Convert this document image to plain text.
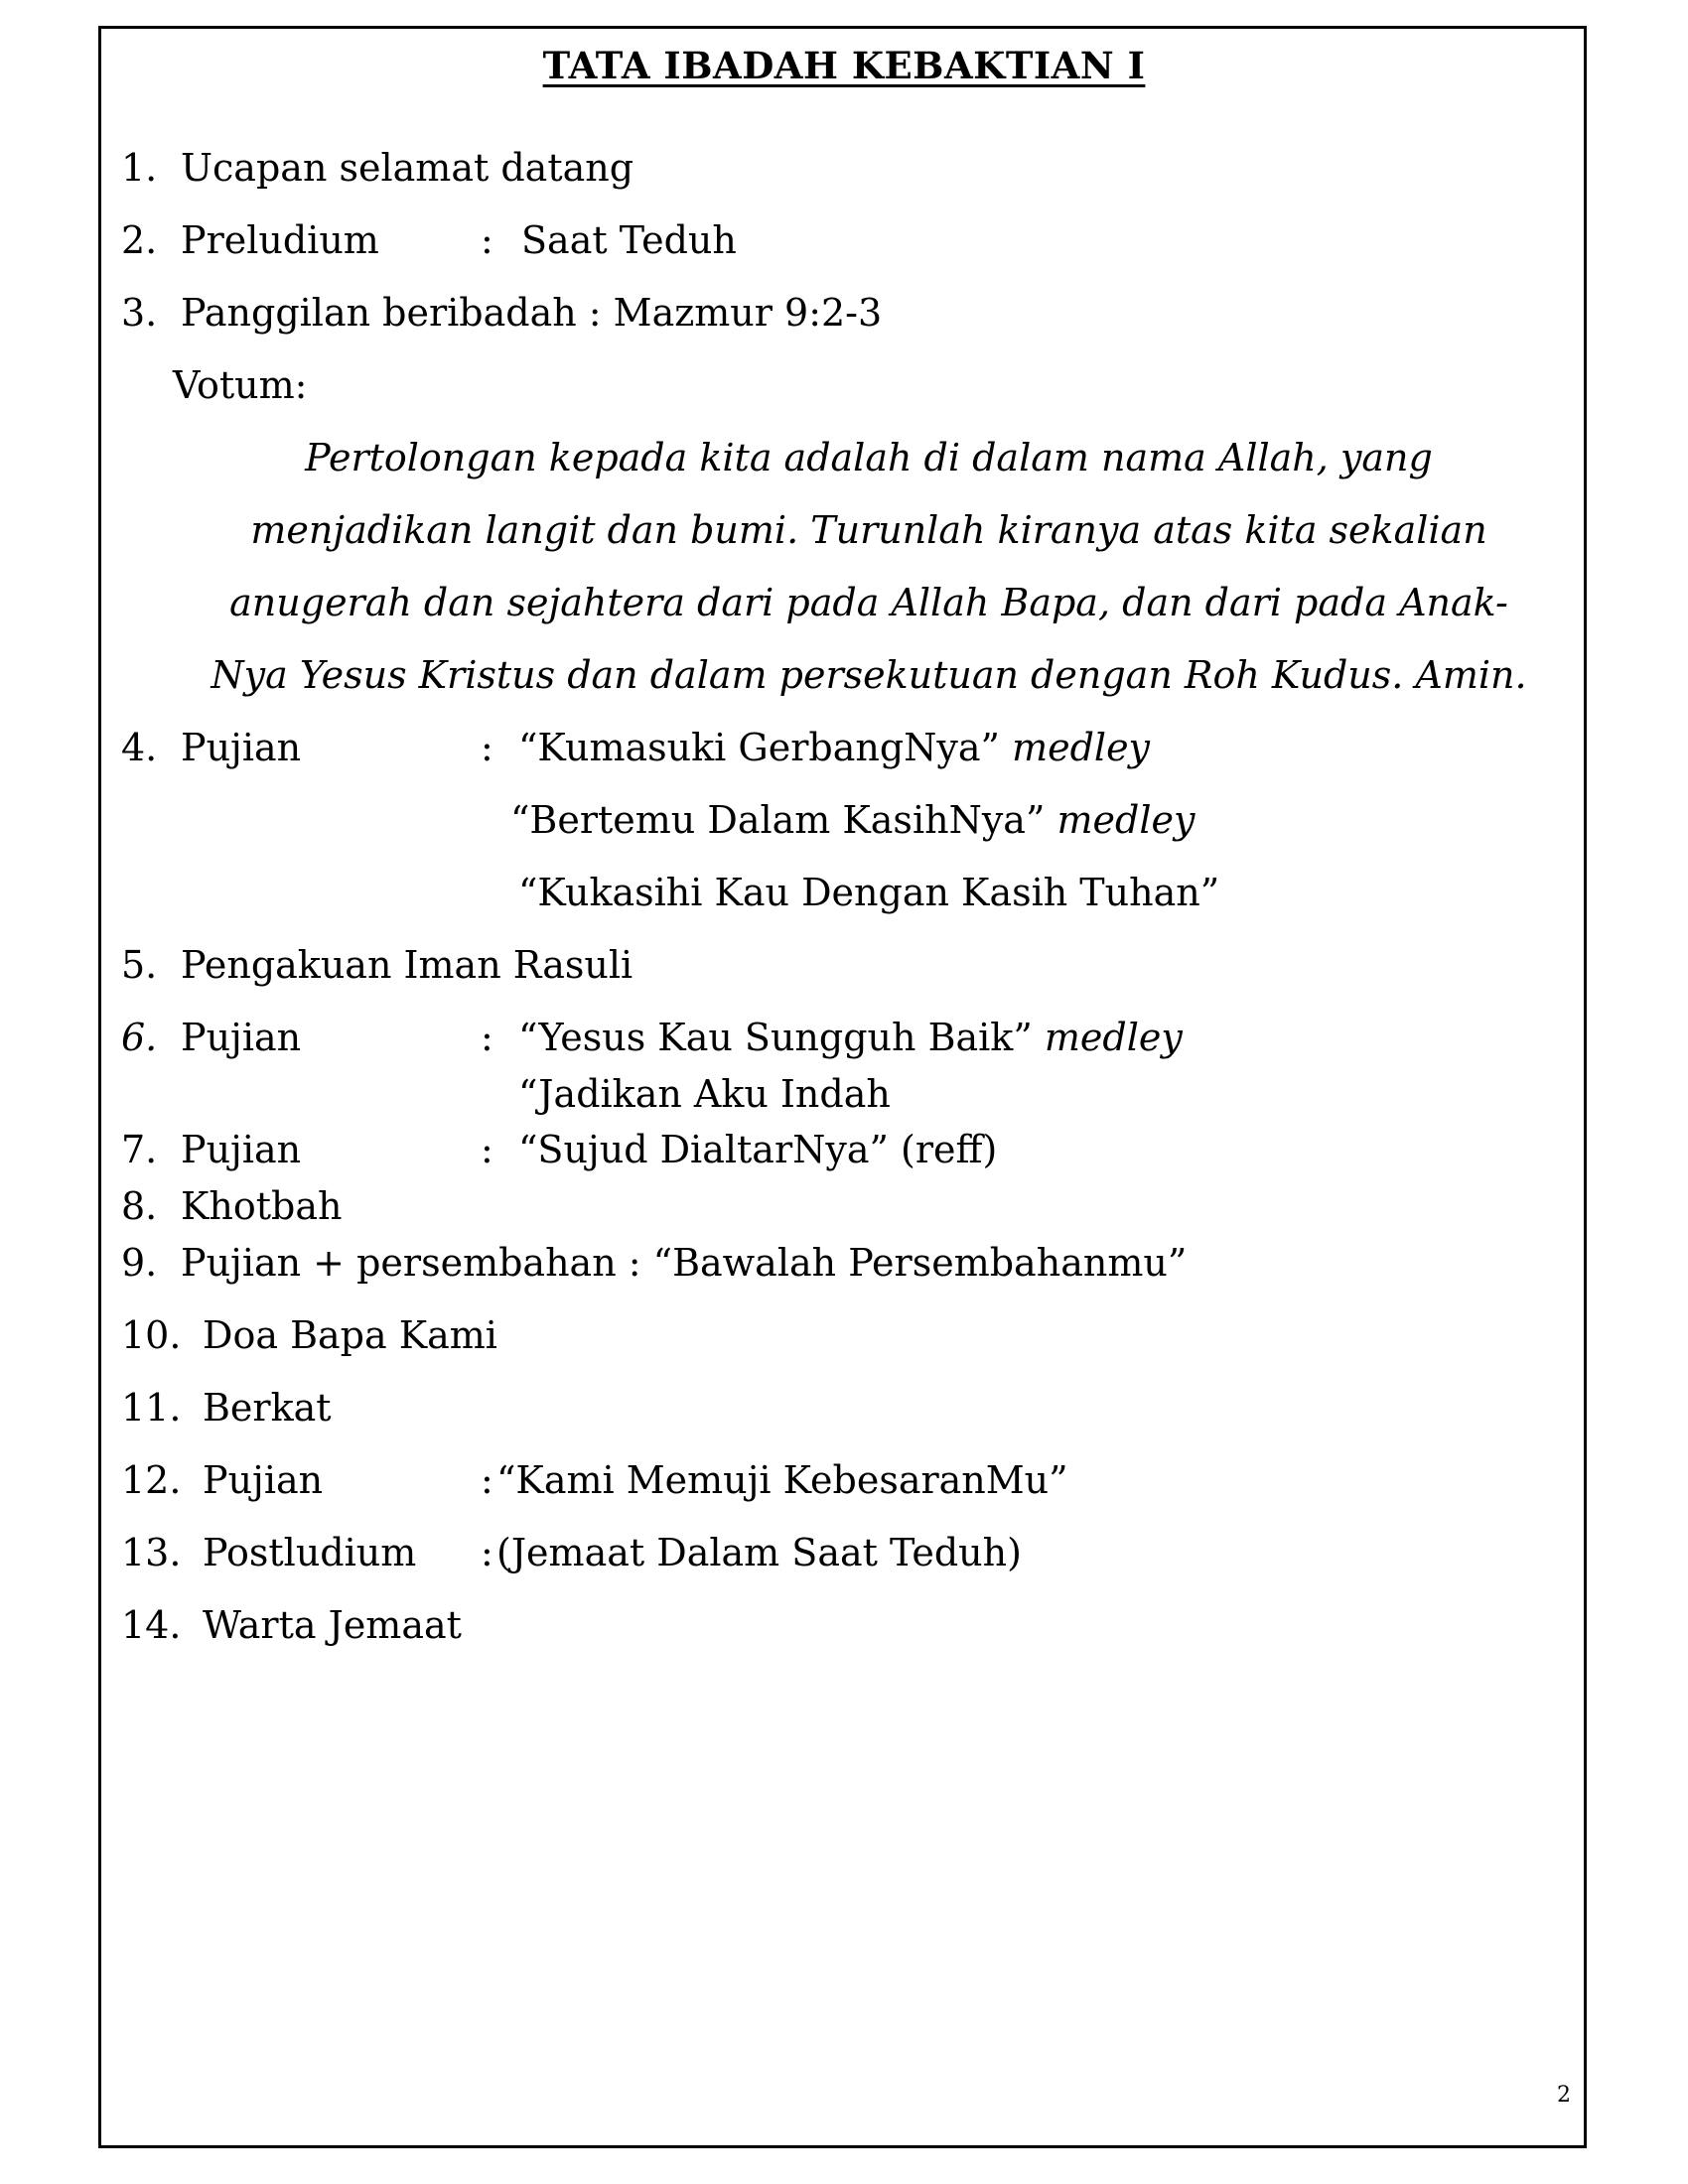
TATA IBADAH KEBAKTIAN I
1. Ucapan selamat datang
2. Preludium	: Saat Teduh
3. Panggilan beribadah : Mazmur 9:2-3
Votum:
Pertolongan kepada kita adalah di dalam nama Allah, yang
menjadikan langit dan bumi. Turunlah kiranya atas kita sekalian
anugerah dan sejahtera dari pada Allah Bapa, dan dari pada Anak-
Nya Yesus Kristus dan dalam persekutuan dengan Roh Kudus. Amin.
4. Pujian	: “Kumasuki GerbangNya” medley
“Bertemu Dalam KasihNya” medley
“Kukasihi Kau Dengan Kasih Tuhan”
5. Pengakuan Iman Rasuli
6. Pujian	: “Yesus Kau Sungguh Baik” medley
“Jadikan Aku Indah
7. Pujian	: “Sujud DialtarNya” (reff)
8. Khotbah
9. Pujian + persembahan : “Bawalah Persembahanmu”
10. Doa Bapa Kami
11. Berkat
12. Pujian	: “Kami Memuji KebesaranMu”
13. Postludium : (Jemaat Dalam Saat Teduh)
14. Warta Jemaat
2
